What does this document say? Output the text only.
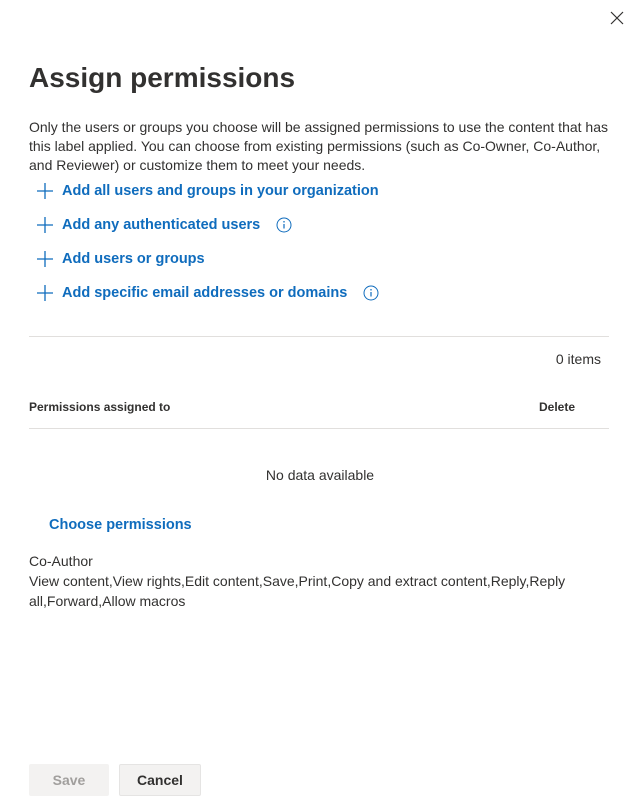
Assign permissions

Only the users or groups you choose will be assigned permissions to use the content that has this label applied. You can choose from existing permissions (such as Co-Owner, Co-Author, and Reviewer) or customize them to meet your needs.

Add all users and groups in your organization
Add any authenticated users
Add users or groups
Add specific email addresses or domains
0 items
Permissions assigned to	Delete
No data available
Choose permissions
Co-Author
View content,View rights,Edit content,Save,Print,Copy and extract content,Reply,Reply all,Forward,Allow macros
Save	Cancel
